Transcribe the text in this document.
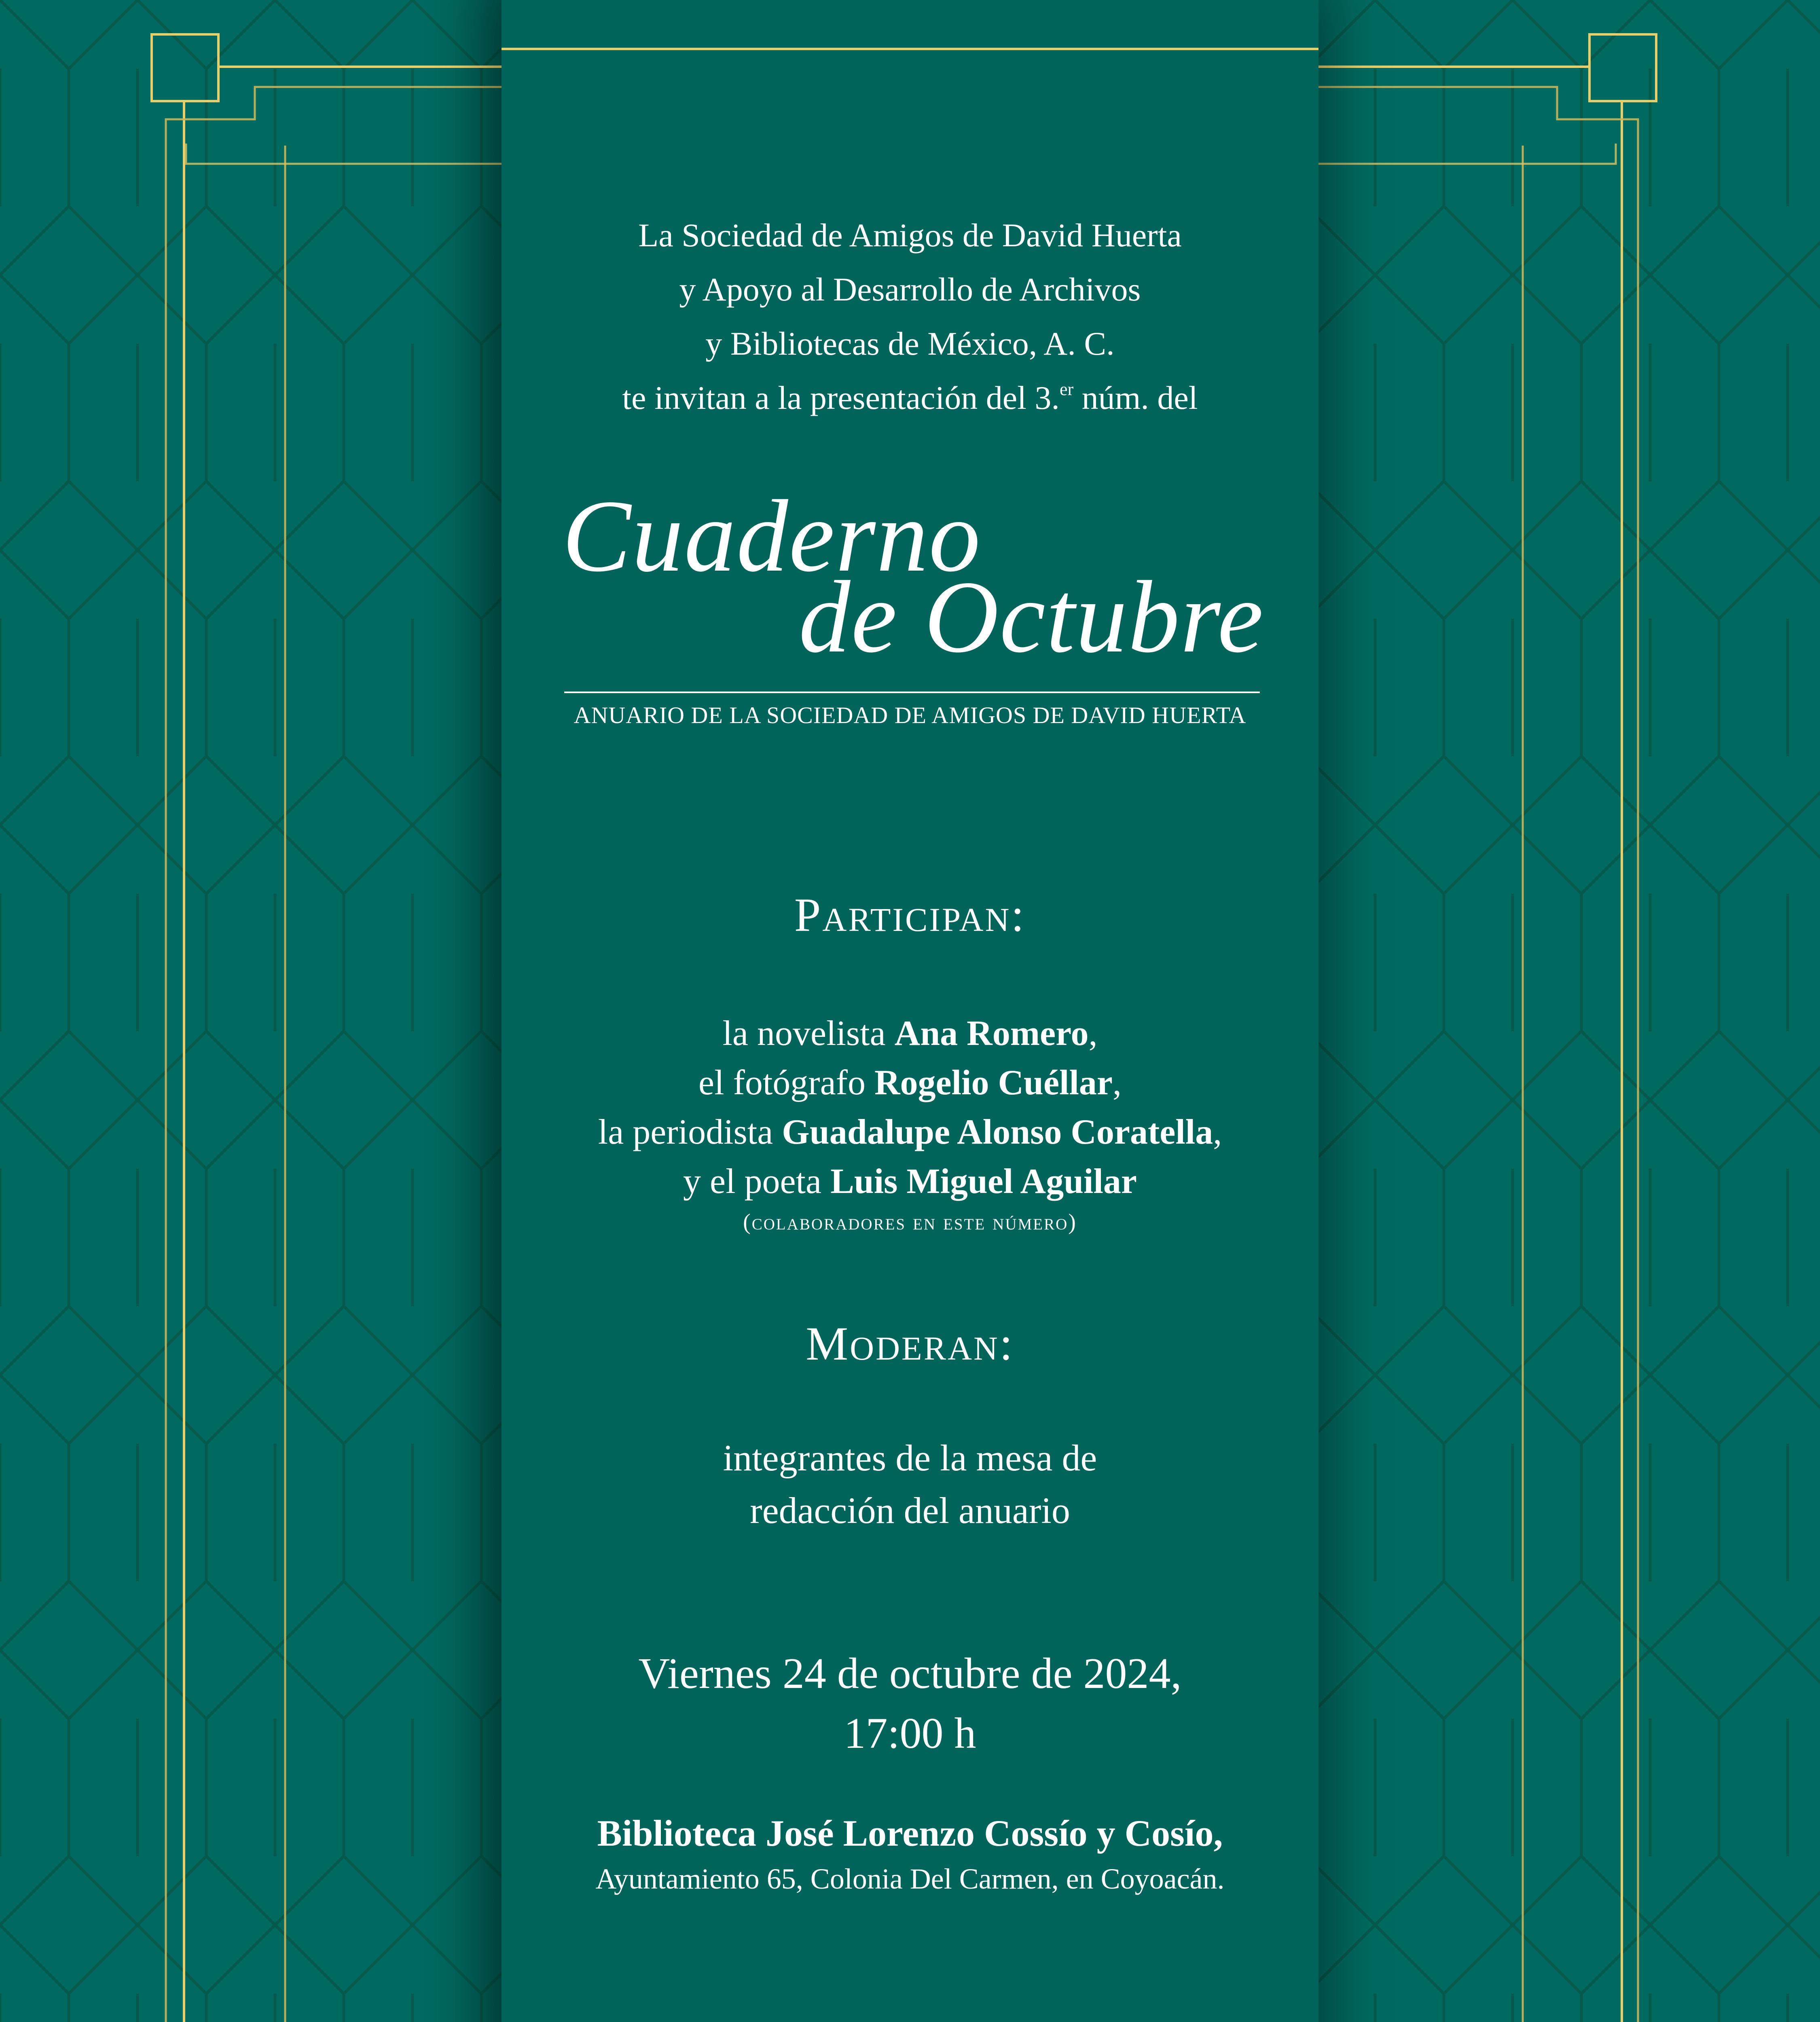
La Sociedad de Amigos de David Huerta
y Apoyo al Desarrollo de Archivos
y Bibliotecas de México, A. C.
te invitan a la presentación del 3.$^{er}$ núm. del
Cuaderno
de Octubre
ANUARIO DE LA SOCIEDAD DE AMIGOS DE DAVID HUERTA
Participan:
la novelista Ana Romero,
el fotógrafo Rogelio Cuéllar,
la periodista Guadalupe Alonso Coratella,
y el poeta Luis Miguel Aguilar
(colaboradores en este número)
Moderan:
integrantes de la mesa de
redacción del anuario
Viernes 24 de octubre de 2024,
17:00 h
Biblioteca José Lorenzo Cossío y Cosío,
Ayuntamiento 65, Colonia Del Carmen, en Coyoacán.
